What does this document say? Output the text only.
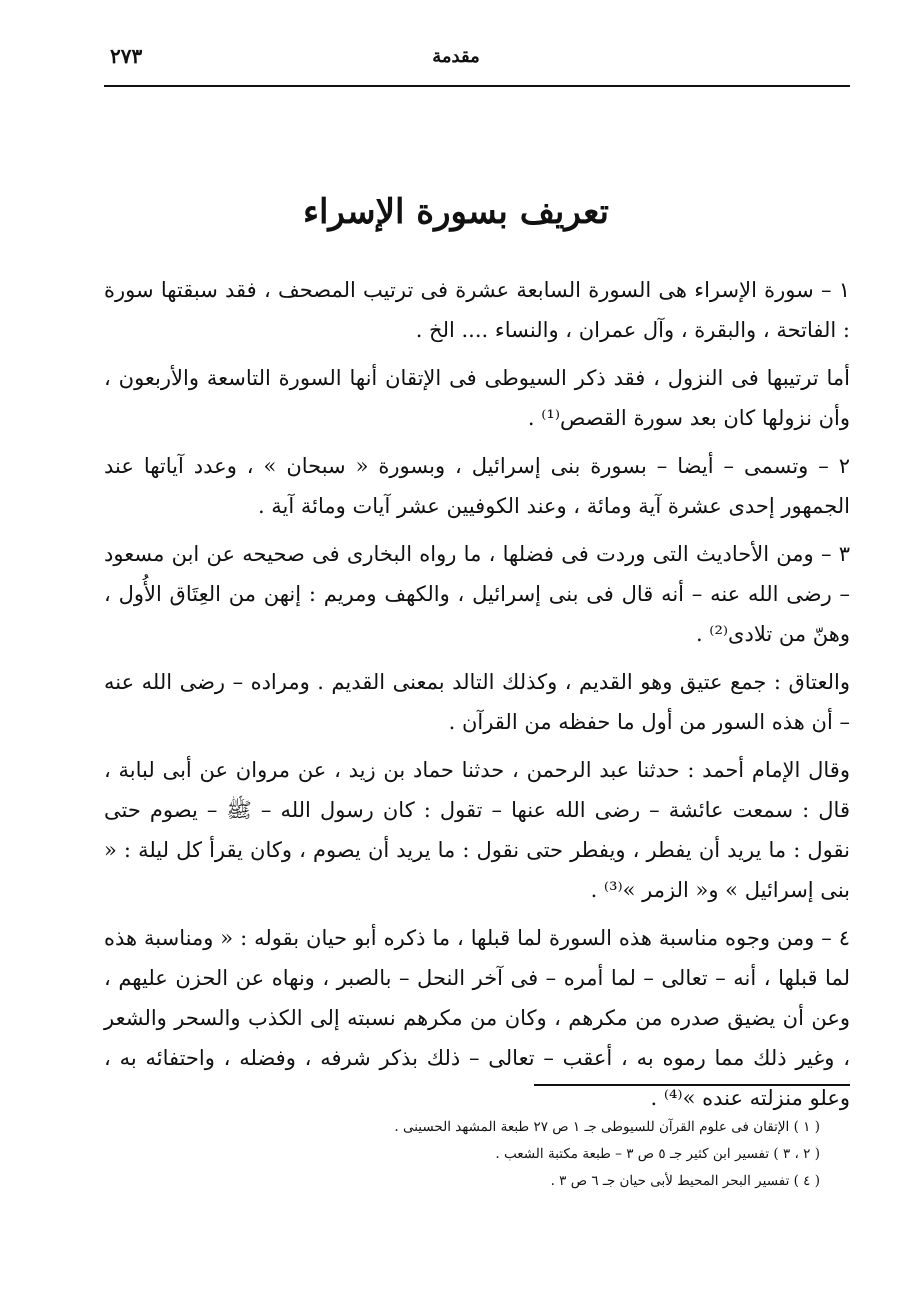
مقدمة
٢٧٣
تعريف بسورة الإسراء

١ – سورة الإسراء هى السورة السابعة عشرة فى ترتيب المصحف ، فقد سبقتها سورة : الفاتحة ، والبقرة ، وآل عمران ، والنساء .... الخ .

أما ترتيبها فى النزول ، فقد ذكر السيوطى فى الإتقان أنها السورة التاسعة والأربعون ، وأن نزولها كان بعد سورة القصص⁽¹⁾ .

٢ – وتسمى – أيضا – بسورة بنى إسرائيل ، وبسورة « سبحان » ، وعدد آياتها عند الجمهور إحدى عشرة آية ومائة ، وعند الكوفيين عشر آيات ومائة آية .

٣ – ومن الأحاديث التى وردت فى فضلها ، ما رواه البخارى فى صحيحه عن ابن مسعود – رضى الله عنه – أنه قال فى بنى إسرائيل ، والكهف ومريم : إنهن من العِتَاق الأُول ، وهنّ من تلادى⁽²⁾ .

والعتاق : جمع عتيق وهو القديم ، وكذلك التالد بمعنى القديم . ومراده – رضى الله عنه – أن هذه السور من أول ما حفظه من القرآن .

وقال الإمام أحمد : حدثنا عبد الرحمن ، حدثنا حماد بن زيد ، عن مروان عن أبى لبابة ، قال : سمعت عائشة – رضى الله عنها – تقول : كان رسول الله – ﷺ – يصوم حتى نقول : ما يريد أن يفطر ، ويفطر حتى نقول : ما يريد أن يصوم ، وكان يقرأ كل ليلة : « بنى إسرائيل » و« الزمر »⁽³⁾ .

٤ – ومن وجوه مناسبة هذه السورة لما قبلها ، ما ذكره أبو حيان بقوله : « ومناسبة هذه لما قبلها ، أنه – تعالى – لما أمره – فى آخر النحل – بالصبر ، ونهاه عن الحزن عليهم ، وعن أن يضيق صدره من مكرهم ، وكان من مكرهم نسبته إلى الكذب والسحر والشعر ، وغير ذلك مما رموه به ، أعقب – تعالى – ذلك بذكر شرفه ، وفضله ، واحتفائه به ، وعلو منزلته عنده »⁽⁴⁾ .

( ١ ) الإتقان فى علوم القرآن للسيوطى جـ ١ ص ٢٧ طبعة المشهد الحسينى .
( ٢ ، ٣ ) تفسير ابن كثير جـ ٥ ص ٣ – طبعة مكتبة الشعب .
( ٤ ) تفسير البحر المحيط لأبى حيان جـ ٦ ص ٣ .
